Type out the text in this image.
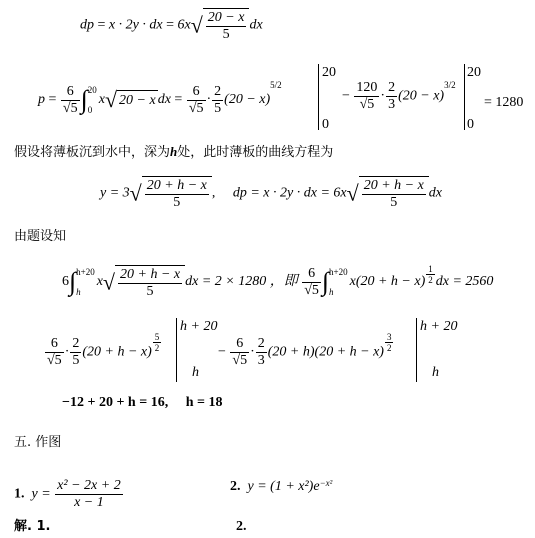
dp = x · 2y · dx = $6x√ \frac{20 - x}{5}$ dx
$p = \frac{6}{√5}$ ∫ 20
0
x√ 20 − x dx = $\frac{6}{√5} \cdot \frac{2}{5} (20 - x)^{5/2}$
20
0
− $\frac{120}{√5} \cdot \frac{2}{3} (20 - x)^{3/2}$
20
0
= 1280
假设将薄板沉到水中，深为h处，此时薄板的曲线方程为
$y = 3√ \frac{20 + h - x}{5}$ , dp = x · 2y · dx = $6x√ \frac{20 + h - x}{5}$ dx
由题设知
6∫ h+20
h
$x√ \frac{20 + h - x}{5}$ dx = 2 × 1280 ，即 $\frac{6}{√5}$ ∫ h+20
h
$x(20 + h - x) \frac{1}{2}$ dx = 2560
$\frac{6}{√5} \cdot \frac{2}{5} (20 + h - x) \frac{5}{2}$
h + 20
h
− $\frac{6}{√5} \cdot \frac{2}{3} (20 + h)(20 + h - x) \frac{3}{2}$
h + 20
h
−12 + 20 + h = 16, h = 18
五. 作图
1. $y = \frac{\text{x² − 2x + 2}}{x - 1}$	2. $y = (1 + x^2)e^{-x^2}$
解. 1.	2.
